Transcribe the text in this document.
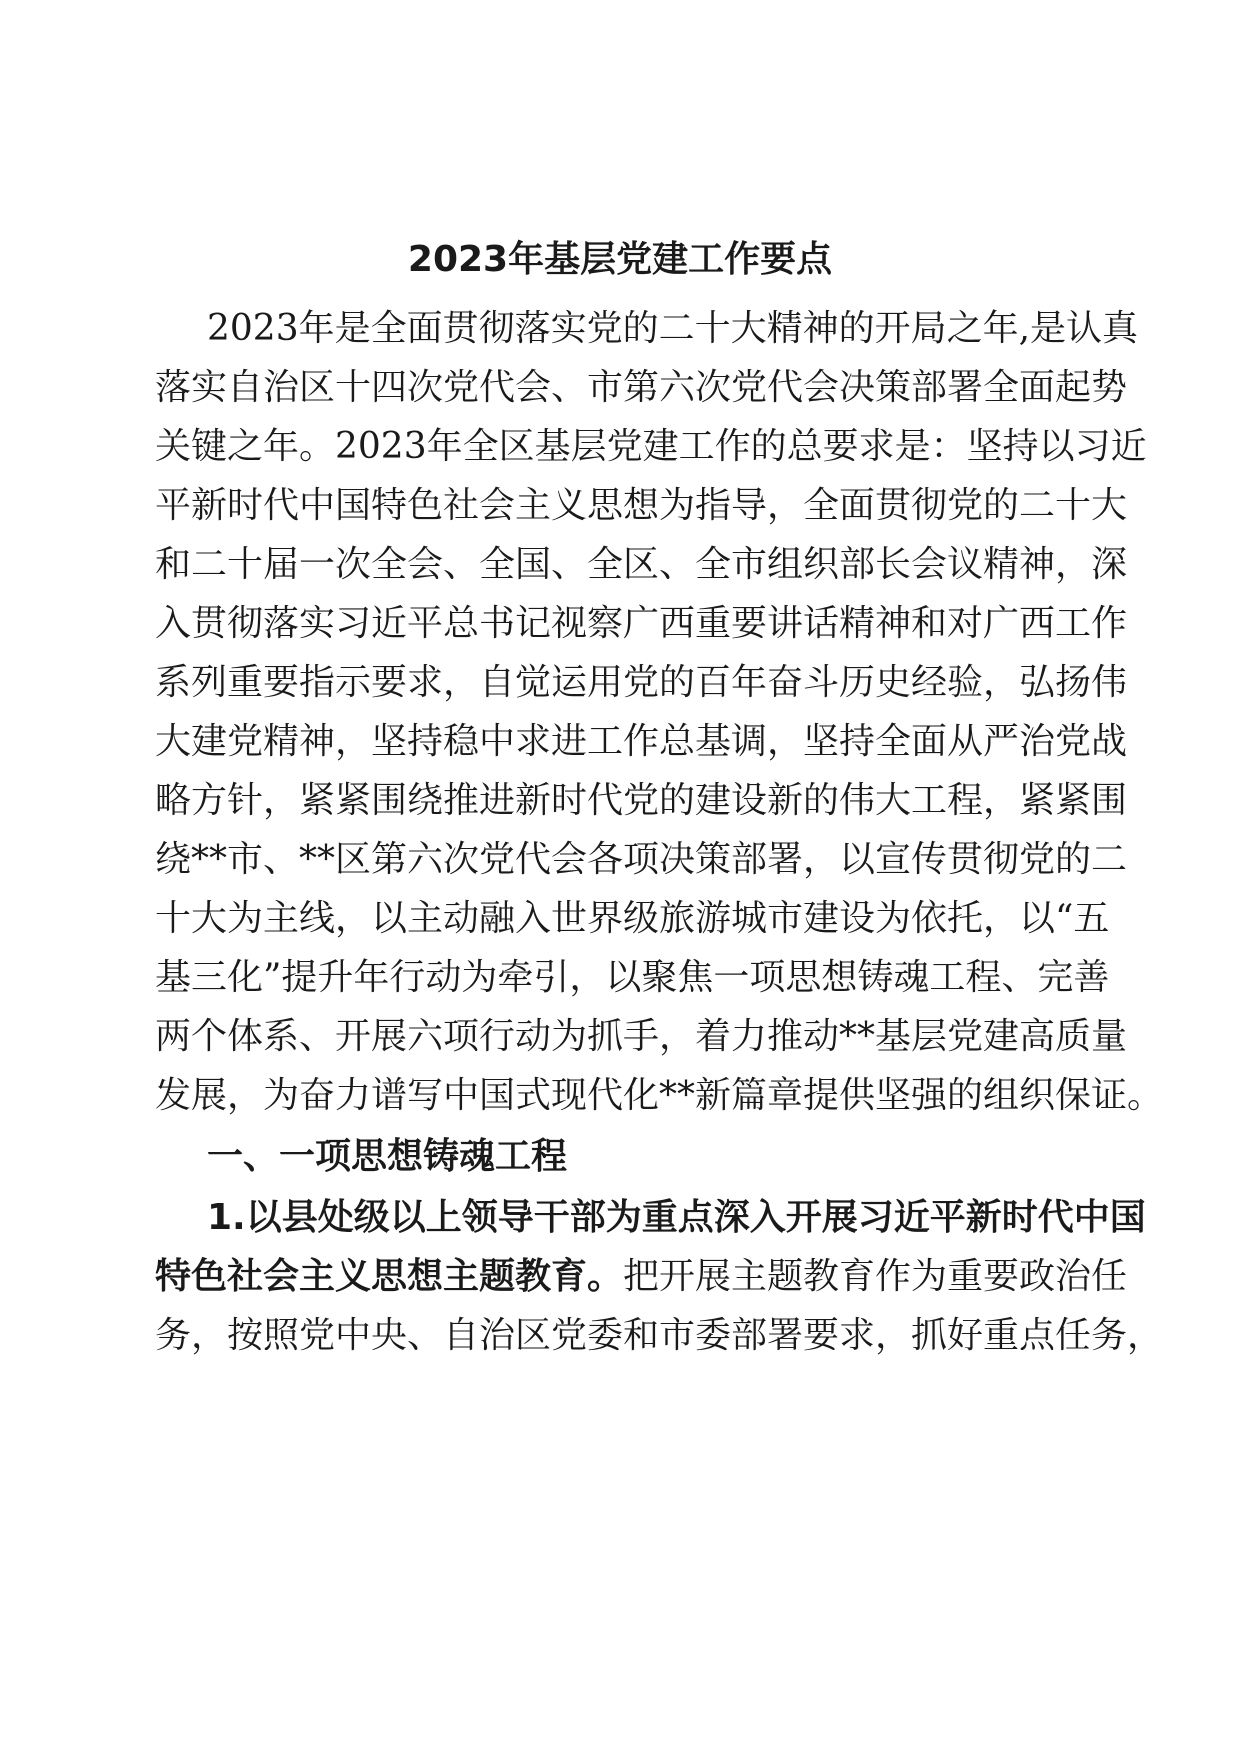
2023年基层党建工作要点

2023年是全面贯彻落实党的二十大精神的开局之年,是认真

落实自治区十四次党代会、市第六次党代会决策部署全面起势

关键之年。2023年全区基层党建工作的总要求是：坚持以习近

平新时代中国特色社会主义思想为指导，全面贯彻党的二十大

和二十届一次全会、全国、全区、全市组织部长会议精神，深

入贯彻落实习近平总书记视察广西重要讲话精神和对广西工作

系列重要指示要求，自觉运用党的百年奋斗历史经验，弘扬伟

大建党精神，坚持稳中求进工作总基调，坚持全面从严治党战

略方针，紧紧围绕推进新时代党的建设新的伟大工程，紧紧围

绕**市、**区第六次党代会各项决策部署，以宣传贯彻党的二

十大为主线，以主动融入世界级旅游城市建设为依托，以“五

基三化”提升年行动为牵引，以聚焦一项思想铸魂工程、完善

两个体系、开展六项行动为抓手，着力推动**基层党建高质量

发展，为奋力谱写中国式现代化**新篇章提供坚强的组织保证。

一、一项思想铸魂工程

1.以县处级以上领导干部为重点深入开展习近平新时代中国

特色社会主义思想主题教育。把开展主题教育作为重要政治任

务，按照党中央、自治区党委和市委部署要求，抓好重点任务，
